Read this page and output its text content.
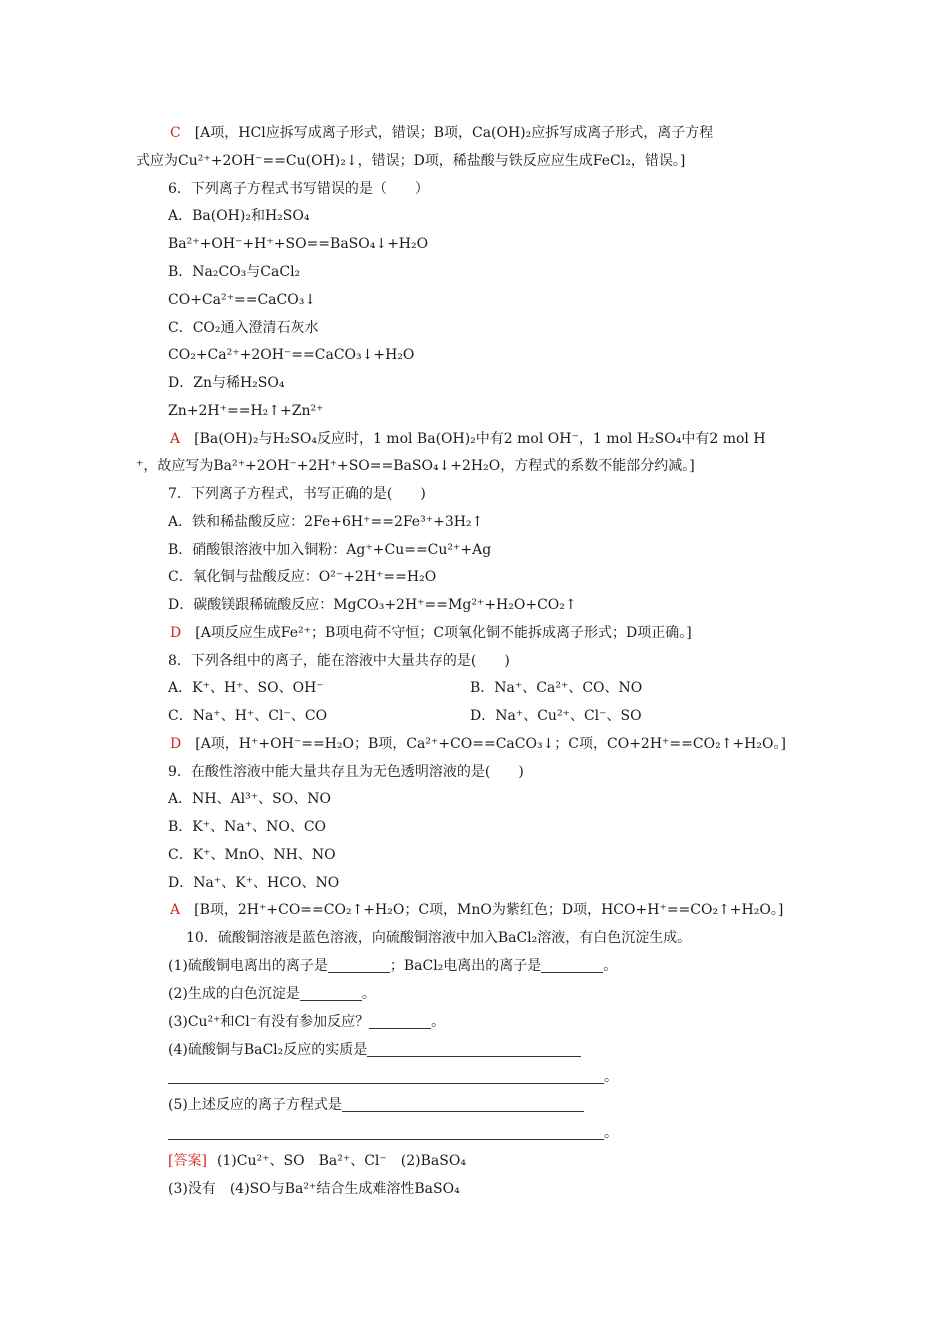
C [A项，HCl应拆写成离子形式，错误；B项，Ca(OH)₂应拆写成离子形式，离子方程
式应为Cu²⁺+2OH⁻==Cu(OH)₂↓，错误；D项，稀盐酸与铁反应应生成FeCl₂，错误。]
6．下列离子方程式书写错误的是（　　）
A．Ba(OH)₂和H₂SO₄
Ba²⁺+OH⁻+H⁺+SO==BaSO₄↓+H₂O
B．Na₂CO₃与CaCl₂
CO+Ca²⁺==CaCO₃↓
C．CO₂通入澄清石灰水
CO₂+Ca²⁺+2OH⁻==CaCO₃↓+H₂O
D．Zn与稀H₂SO₄
Zn+2H⁺==H₂↑+Zn²⁺
A [Ba(OH)₂与H₂SO₄反应时，1 mol Ba(OH)₂中有2 mol OH⁻，1 mol H₂SO₄中有2 mol H
⁺，故应写为Ba²⁺+2OH⁻+2H⁺+SO==BaSO₄↓+2H₂O，方程式的系数不能部分约减。]
7．下列离子方程式，书写正确的是(　　)
A．铁和稀盐酸反应：2Fe+6H⁺==2Fe³⁺+3H₂↑
B．硝酸银溶液中加入铜粉：Ag⁺+Cu==Cu²⁺+Ag
C．氧化铜与盐酸反应：O²⁻+2H⁺==H₂O
D．碳酸镁跟稀硫酸反应：MgCO₃+2H⁺==Mg²⁺+H₂O+CO₂↑
D [A项反应生成Fe²⁺；B项电荷不守恒；C项氧化铜不能拆成离子形式；D项正确。]
8．下列各组中的离子，能在溶液中大量共存的是(　　)
A．K⁺、H⁺、SO、OH⁻	B．Na⁺、Ca²⁺、CO、NO
C．Na⁺、H⁺、Cl⁻、CO	D．Na⁺、Cu²⁺、Cl⁻、SO
D [A项，H⁺+OH⁻==H₂O；B项，Ca²⁺+CO==CaCO₃↓；C项，CO+2H⁺==CO₂↑+H₂O。]
9．在酸性溶液中能大量共存且为无色透明溶液的是(　　)
A．NH、Al³⁺、SO、NO
B．K⁺、Na⁺、NO、CO
C．K⁺、MnO、NH、NO
D．Na⁺、K⁺、HCO、NO
A [B项，2H⁺+CO==CO₂↑+H₂O；C项，MnO为紫红色；D项，HCO+H⁺==CO₂↑+H₂O。]
10．硫酸铜溶液是蓝色溶液，向硫酸铜溶液中加入BaCl₂溶液，有白色沉淀生成。
(1)硫酸铜电离出的离子是	；BaCl₂电离出的离子是	。
(2)生成的白色沉淀是	。
(3)Cu²⁺和Cl⁻有没有参加反应？	。
(4)硫酸铜与BaCl₂反应的实质是
。
(5)上述反应的离子方程式是
。
[答案] (1)Cu²⁺、SO　Ba²⁺、Cl⁻　(2)BaSO₄
(3)没有　(4)SO与Ba²⁺结合生成难溶性BaSO₄
